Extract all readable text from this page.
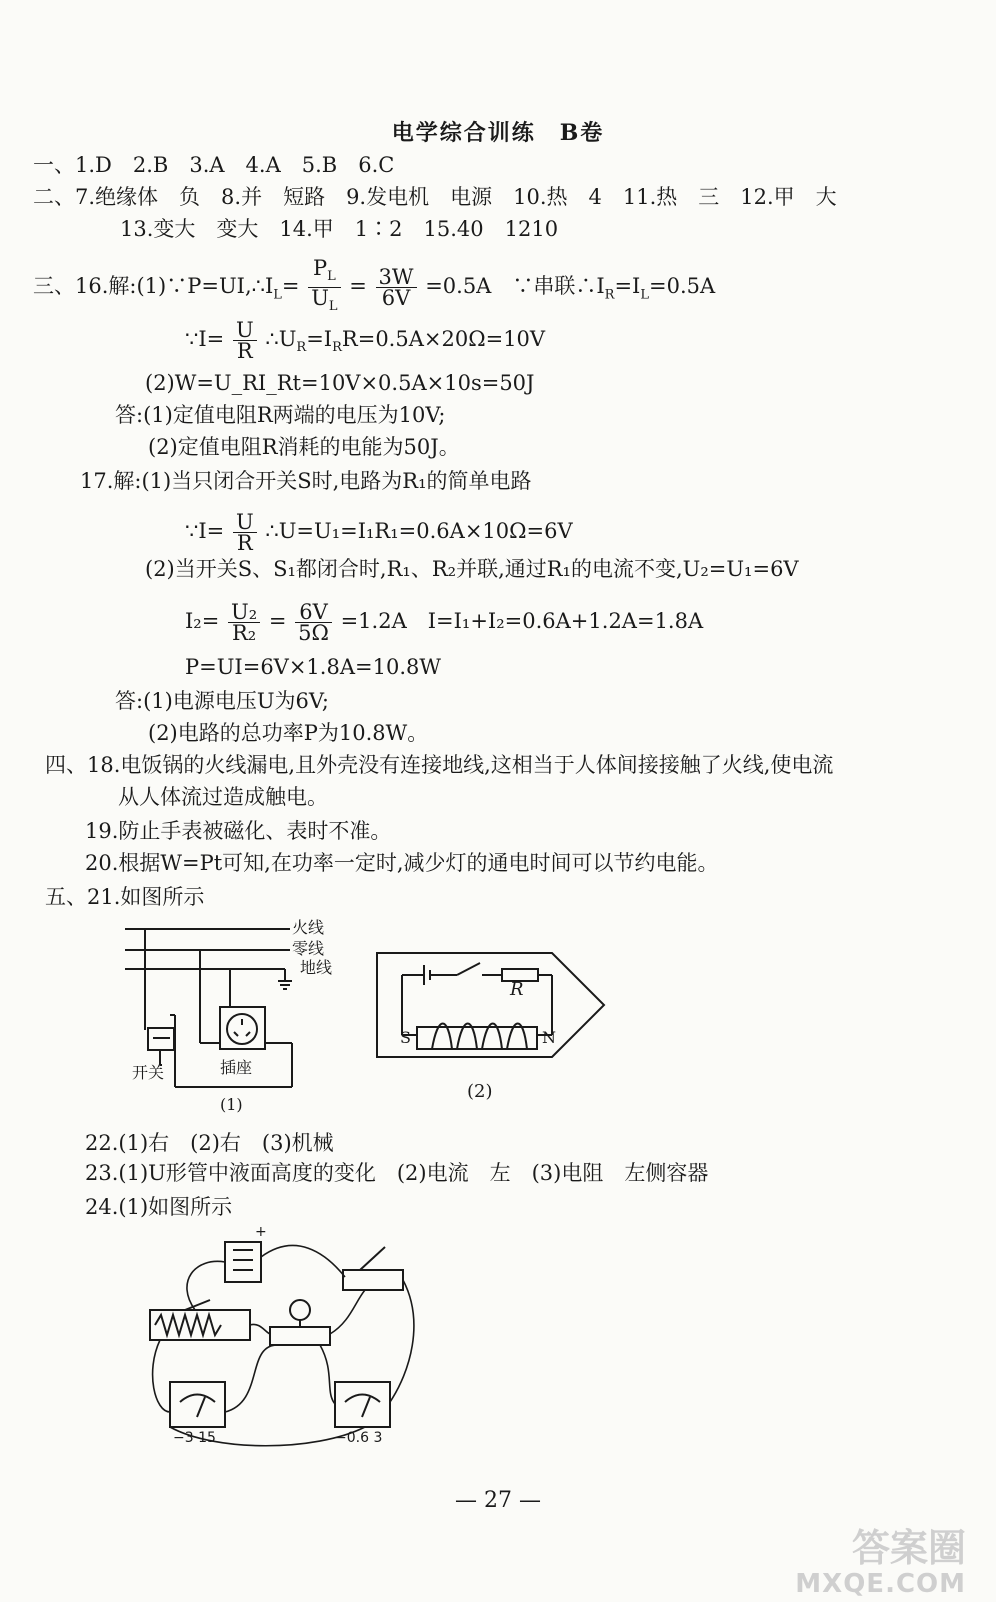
电学综合训练　B卷
一、1.D　2.B　3.A　4.A　5.B　6.C
二、7.绝缘体　负　8.并　短路　9.发电机　电源　10.热　4　11.热　三　12.甲　大
13.变大　变大　14.甲　1∶2　15.40　1210
三、16.解$:(1)\because P=UI,\therefore I_L= \frac{P_L}{U_L} = \frac{3W}{6V} =0.5A$　∵串联$\therefore I_R=I_L=0.5A$
∵I= $\frac{U}{R}$ $\therefore U_R=I_RR=0.5A\times 20\Omega=10V$
(2)W=U_RI_Rt=10V×0.5A×10s=50J
答:(1)定值电阻R两端的电压为10V;
(2)定值电阻R消耗的电能为50J。
17.解:(1)当只闭合开关S时,电路为R₁的简单电路
∵I= $\frac{U}{R}$ ∴U=U₁=I₁R₁=0.6A×10Ω=6V
(2)当开关S、S₁都闭合时,R₁、R₂并联,通过R₁的电流不变,U₂=U₁=6V
$I_2= \frac{\text{U₂}}{\text{R₂}} = \frac{6V}{5\Omega} =1.2A$　I=I₁+I₂=0.6A+1.2A=1.8A
P=UI=6V×1.8A=10.8W
答:(1)电源电压U为6V;
(2)电路的总功率P为10.8W。
四、18.电饭锅的火线漏电,且外壳没有连接地线,这相当于人体间接接触了火线,使电流
从人体流过造成触电。
19.防止手表被磁化、表时不准。
20.根据W=Pt可知,在功率一定时,减少灯的通电时间可以节约电能。
五、21.如图所示
火线
零线
地线
开关	插座
(1)
R
S	N
(2)
22.(1)右　(2)右　(3)机械
23.(1)U形管中液面高度的变化　(2)电流　左　(3)电阻　左侧容器
24.(1)如图所示
+
−3 15	−0.6 3
— 27 —
答案圈
MXQE.COM
